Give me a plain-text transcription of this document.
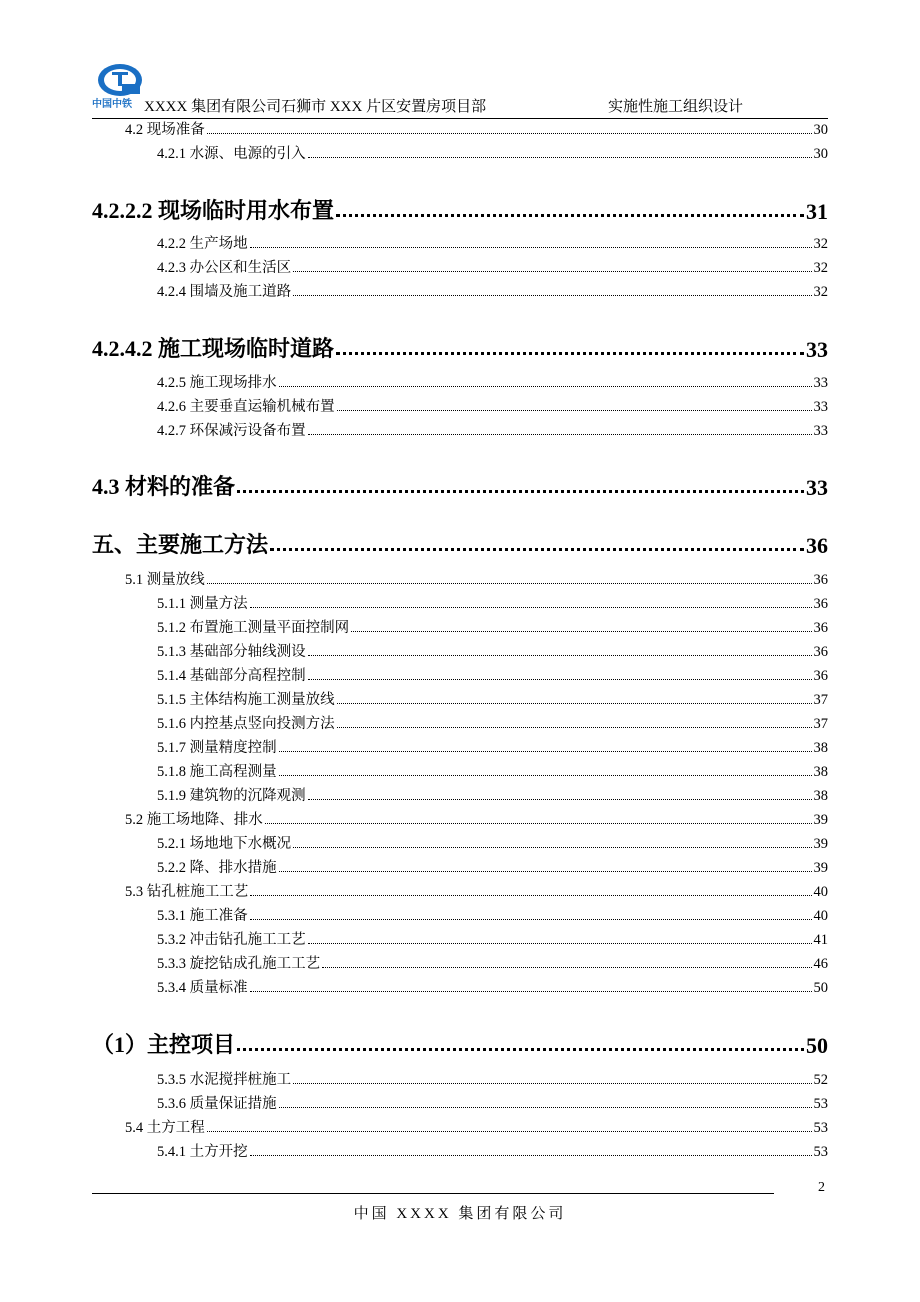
中国中铁 XXXX 集团有限公司石狮市 XXX 片区安置房项目部	实施性施工组织设计
4.2 现场准备	30
4.2.1 水源、电源的引入	30
4.2.2.2 现场临时用水布置	31
4.2.2 生产场地	32
4.2.3 办公区和生活区	32
4.2.4 围墙及施工道路	32
4.2.4.2 施工现场临时道路	33
4.2.5 施工现场排水	33
4.2.6 主要垂直运输机械布置	33
4.2.7 环保减污设备布置	33
4.3 材料的准备	33
五、主要施工方法	36
5.1 测量放线	36
5.1.1 测量方法	36
5.1.2 布置施工测量平面控制网	36
5.1.3 基础部分轴线测设	36
5.1.4 基础部分高程控制	36
5.1.5 主体结构施工测量放线	37
5.1.6 内控基点竖向投测方法	37
5.1.7 测量精度控制	38
5.1.8 施工高程测量	38
5.1.9 建筑物的沉降观测	38
5.2 施工场地降、排水	39
5.2.1 场地地下水概况	39
5.2.2 降、排水措施	39
5.3 钻孔桩施工工艺	40
5.3.1 施工准备	40
5.3.2 冲击钻孔施工工艺	41
5.3.3 旋挖钻成孔施工工艺	46
5.3.4 质量标准	50
（1）主控项目	50
5.3.5 水泥搅拌桩施工	52
5.3.6 质量保证措施	53
5.4 土方工程	53
5.4.1 土方开挖	53
2
中国 XXXX 集团有限公司
